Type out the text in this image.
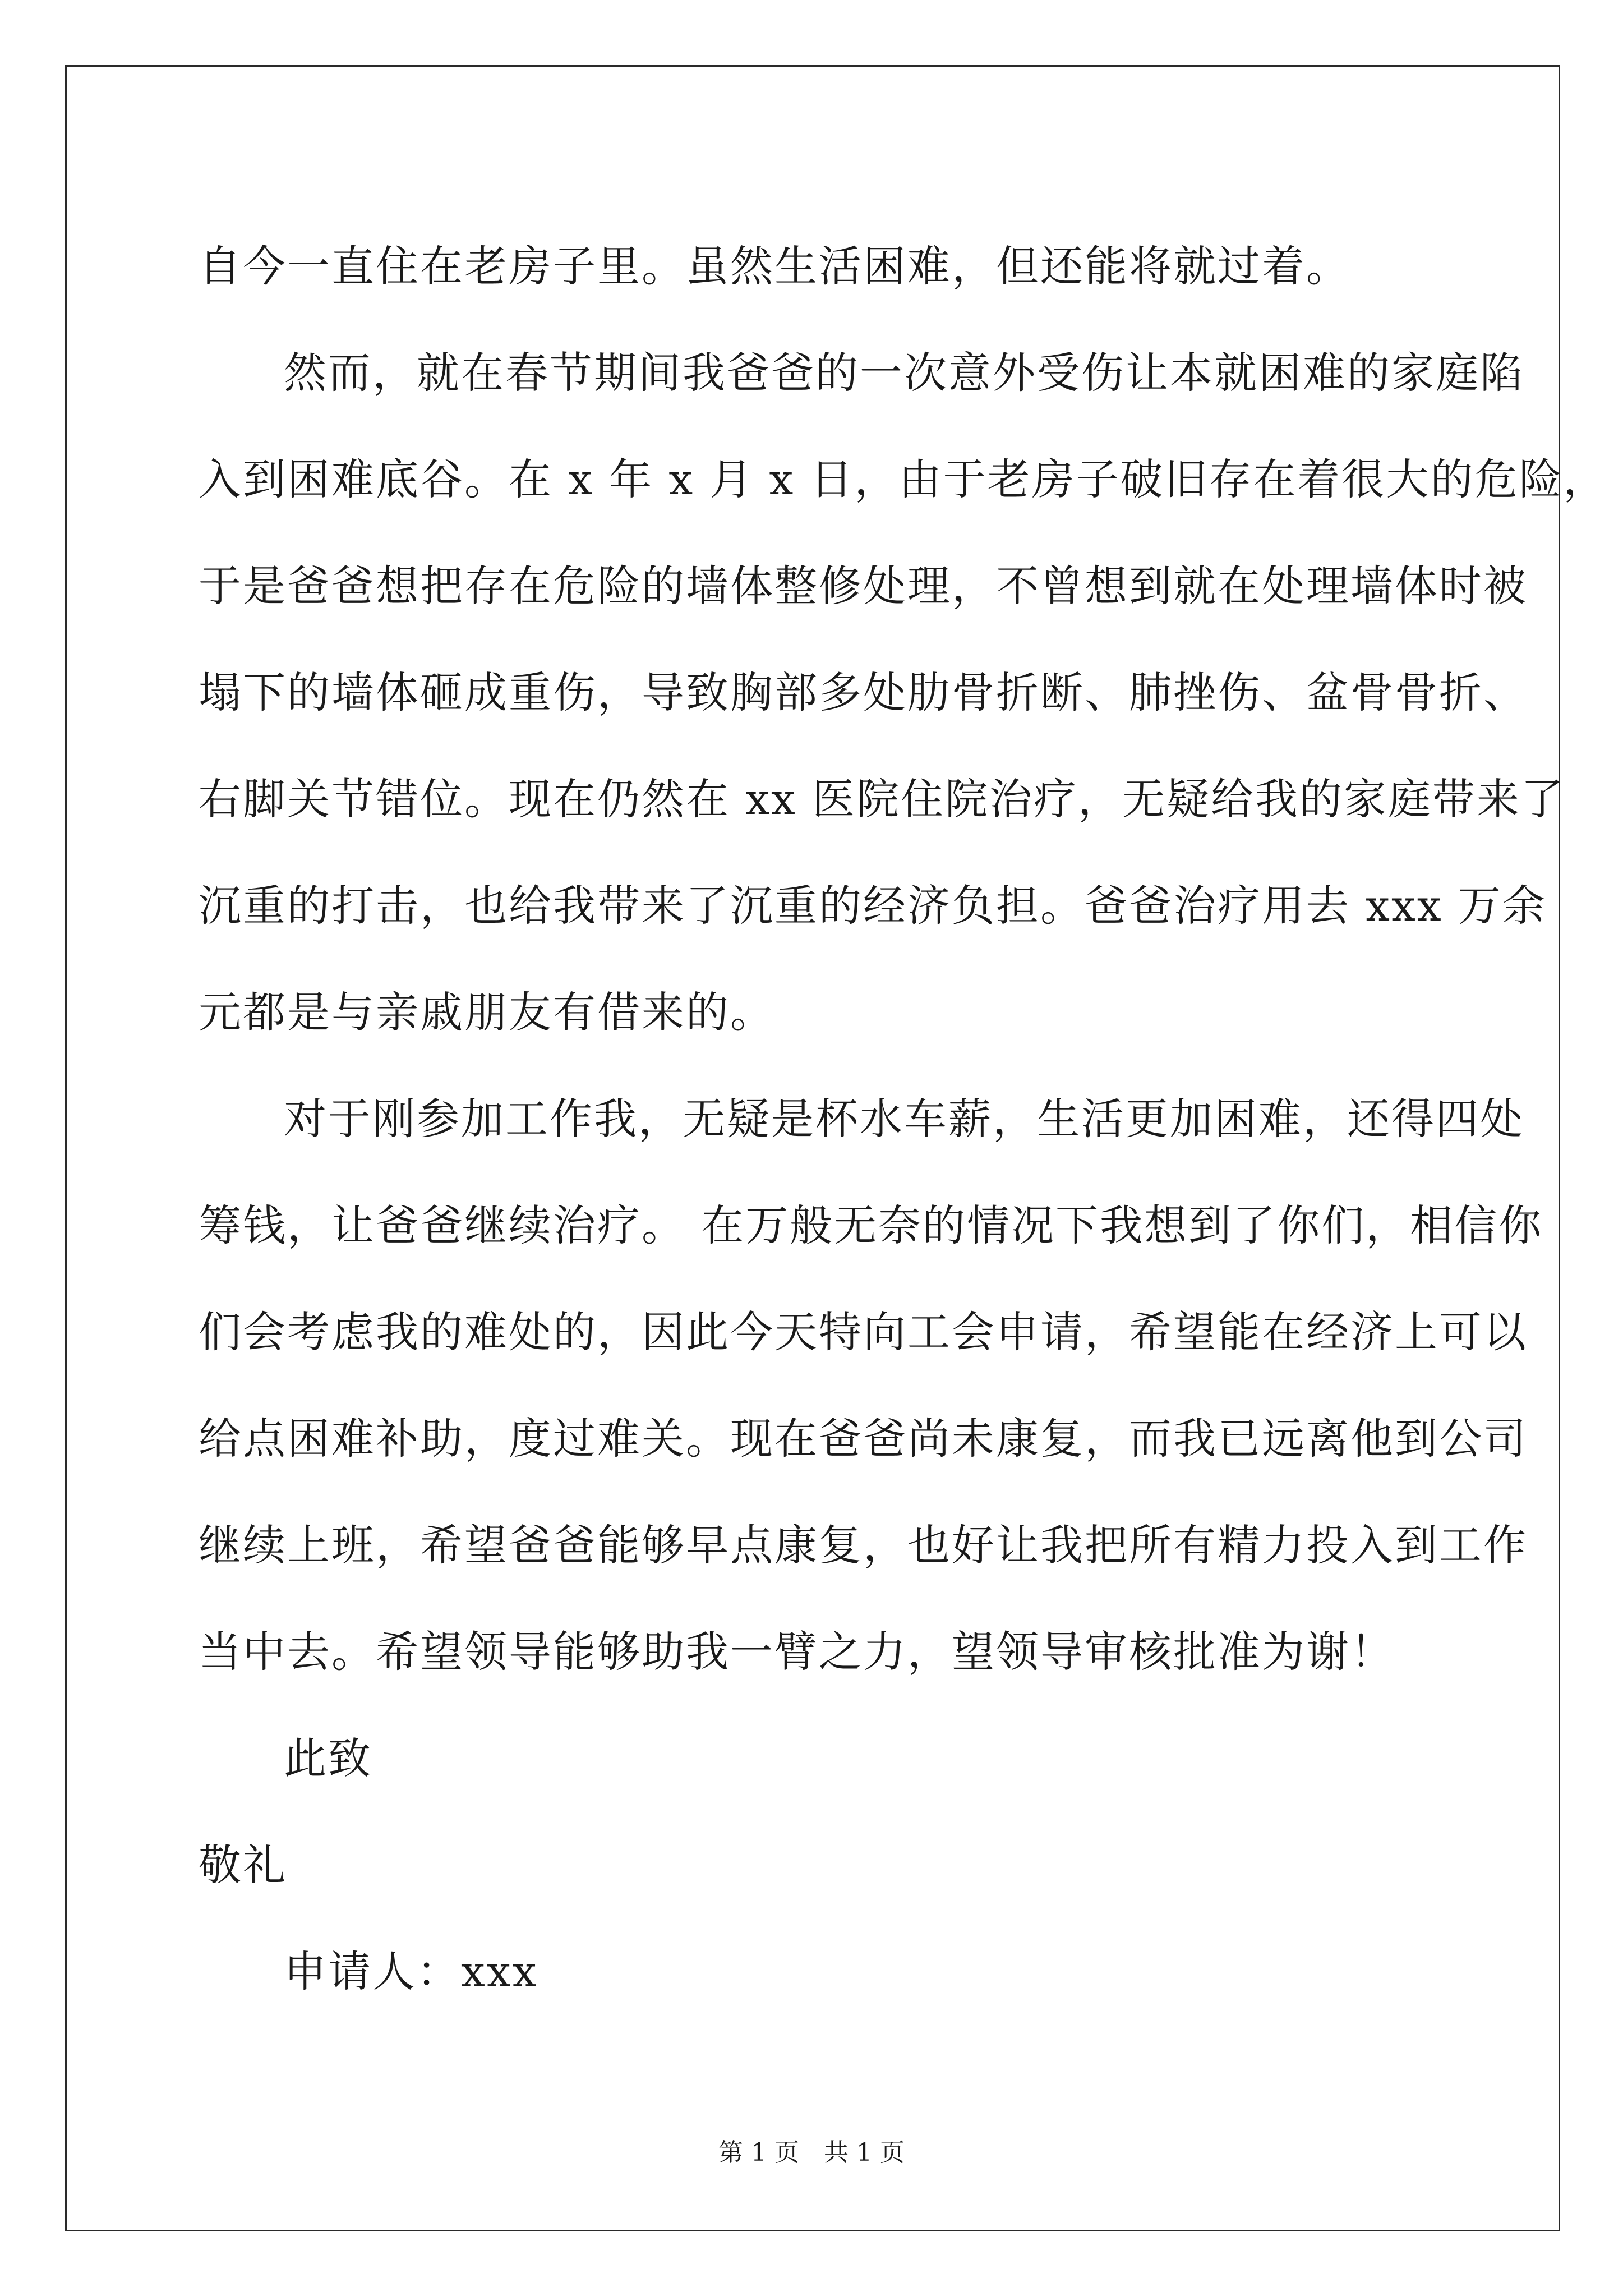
自今一直住在老房子里。虽然生活困难，但还能将就过着。

然而，就在春节期间我爸爸的一次意外受伤让本就困难的家庭陷

入到困难底谷。在 x 年 x 月 x 日，由于老房子破旧存在着很大的危险，

于是爸爸想把存在危险的墙体整修处理，不曾想到就在处理墙体时被

塌下的墙体砸成重伤，导致胸部多处肋骨折断、肺挫伤、盆骨骨折、

右脚关节错位。现在仍然在 xx 医院住院治疗，无疑给我的家庭带来了

沉重的打击，也给我带来了沉重的经济负担。爸爸治疗用去 xxx 万余

元都是与亲戚朋友有借来的。

对于刚参加工作我，无疑是杯水车薪，生活更加困难，还得四处

筹钱，让爸爸继续治疗。 在万般无奈的情况下我想到了你们，相信你

们会考虑我的难处的，因此今天特向工会申请，希望能在经济上可以

给点困难补助，度过难关。现在爸爸尚未康复，而我已远离他到公司

继续上班，希望爸爸能够早点康复，也好让我把所有精力投入到工作

当中去。希望领导能够助我一臂之力，望领导审核批准为谢！

此致

敬礼

申请人：xxx

第 1 页　共 1 页
